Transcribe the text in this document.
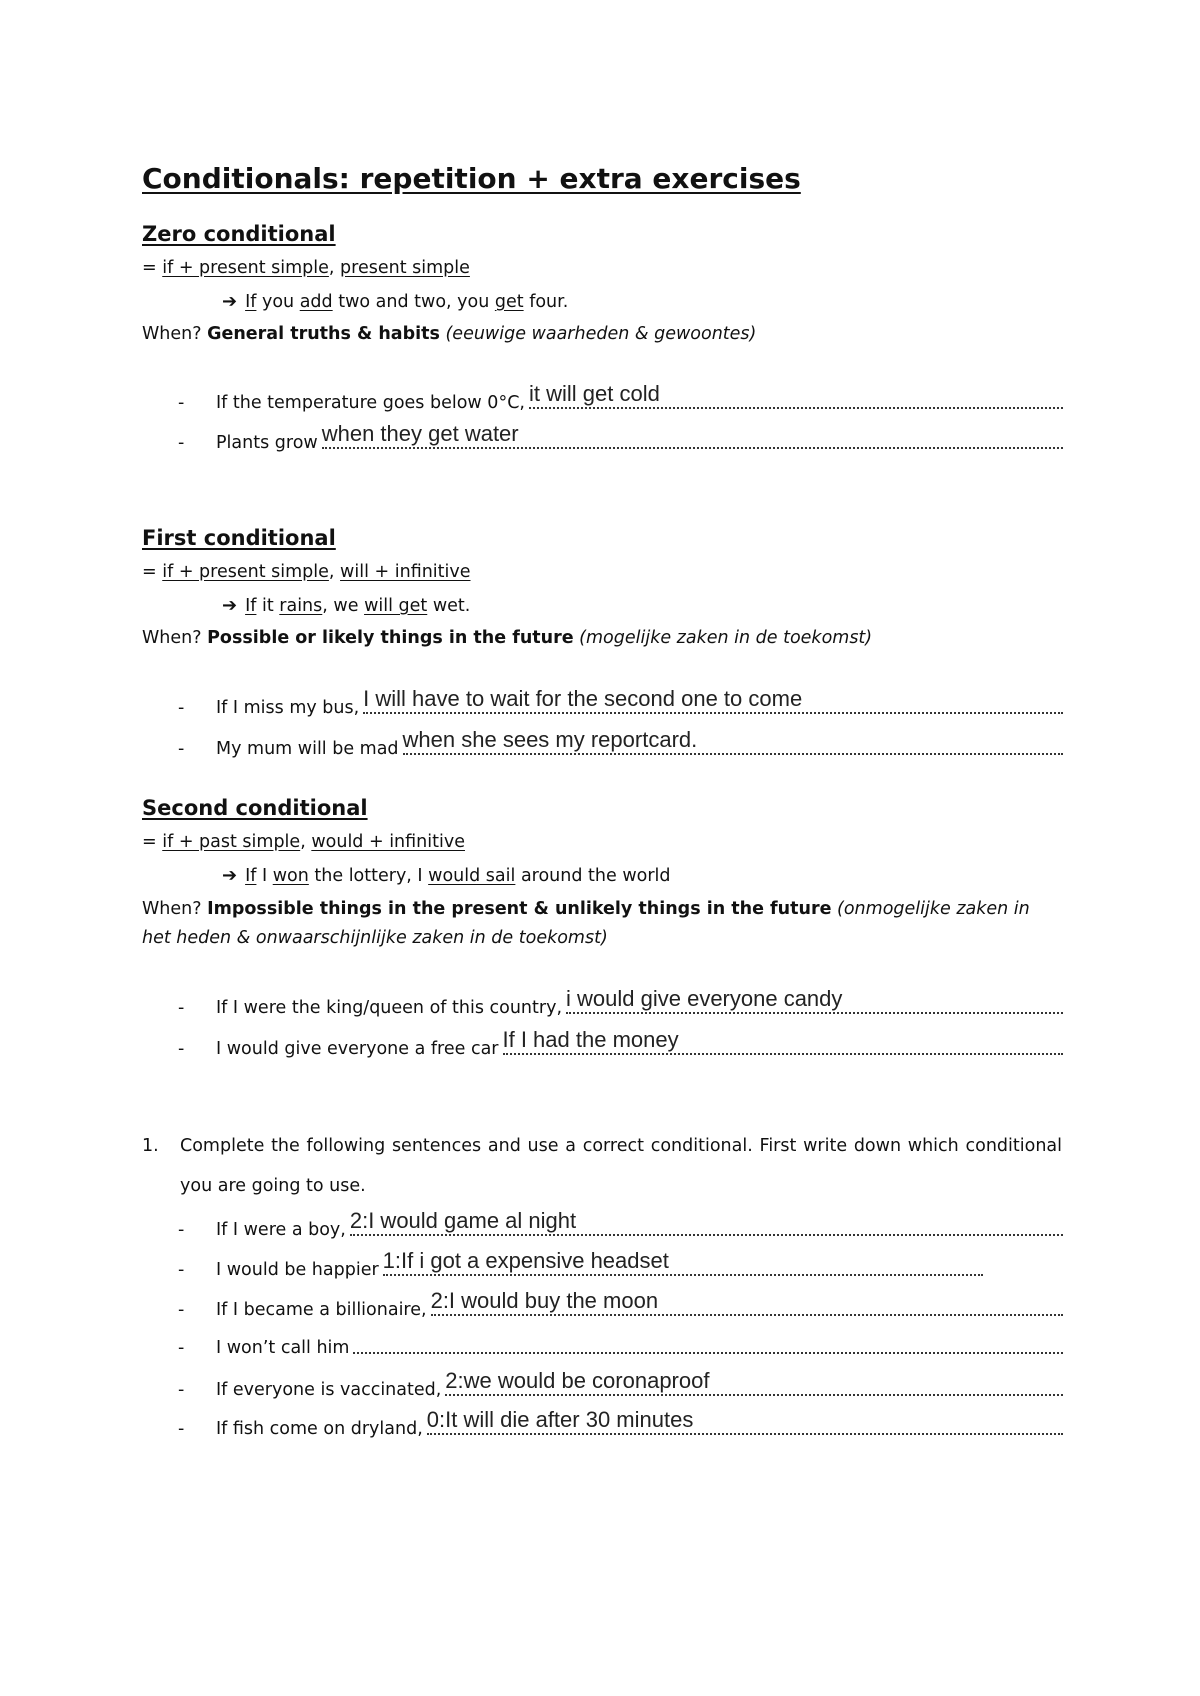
Conditionals: repetition + extra exercises
Zero conditional
= if + present simple, present simple
➔ If you add two and two, you get four.
When? General truths & habits (eeuwige waarheden & gewoontes)
-	If the temperature goes below 0°C, it will get cold
-	Plants grow when they get water
First conditional
= if + present simple, will + infinitive
➔ If it rains, we will get wet.
When? Possible or likely things in the future (mogelijke zaken in de toekomst)
-	If I miss my bus, I will have to wait for the second one to come
-	My mum will be mad when she sees my reportcard.
Second conditional
= if + past simple, would + infinitive
➔ If I won the lottery, I would sail around the world
When? Impossible things in the present & unlikely things in the future (onmogelijke zaken in het heden & onwaarschijnlijke zaken in de toekomst)
-	If I were the king/queen of this country, i would give everyone candy
-	I would give everyone a free car If I had the money
1. Complete the following sentences and use a correct conditional. First write down which conditional you are going to use.
-	If I were a boy, 2:I would game al night
-	I would be happier 1:If i got a expensive headset
-	If I became a billionaire, 2:I would buy the moon
-	I won’t call him
-	If everyone is vaccinated, 2:we would be coronaproof
-	If fish come on dryland, 0:It will die after 30 minutes
